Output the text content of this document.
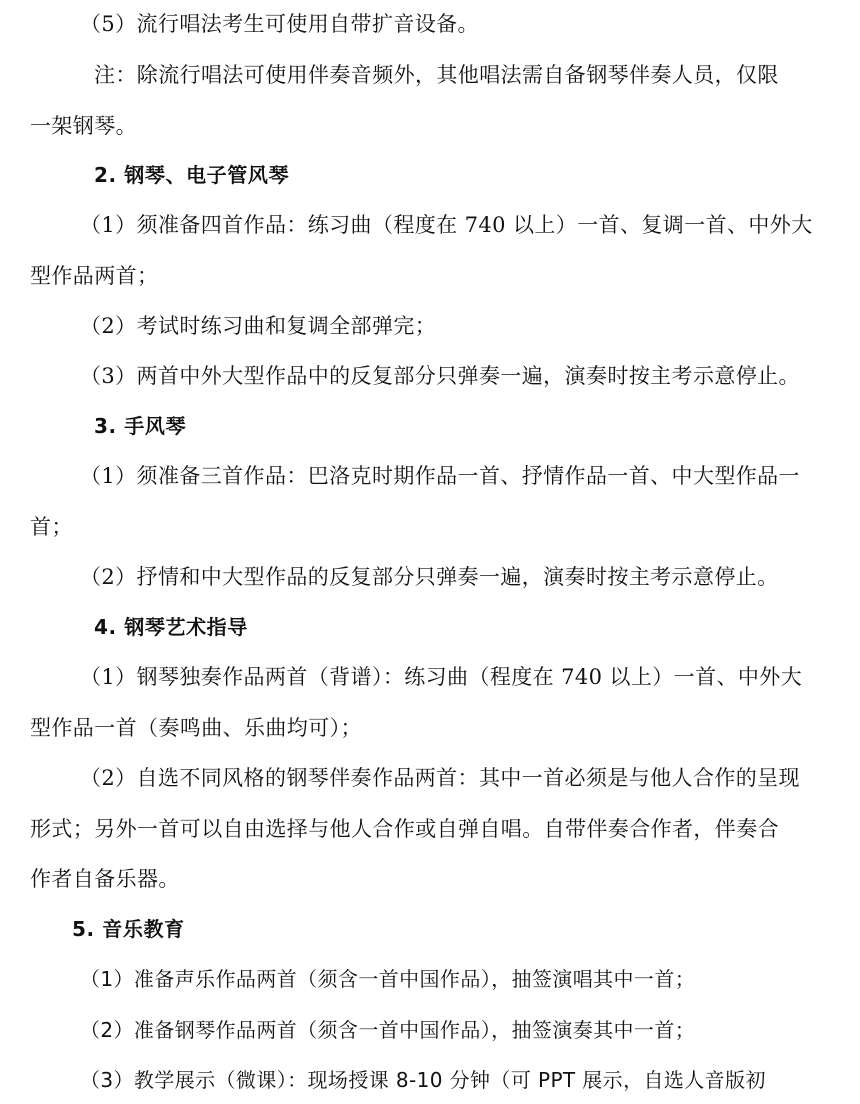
（5）流行唱法考生可使用自带扩音设备。
注：除流行唱法可使用伴奏音频外，其他唱法需自备钢琴伴奏人员，仅限
一架钢琴。
2. 钢琴、电子管风琴
（1）须准备四首作品：练习曲（程度在 740 以上）一首、复调一首、中外大
型作品两首；
（2）考试时练习曲和复调全部弹完；
（3）两首中外大型作品中的反复部分只弹奏一遍，演奏时按主考示意停止。
3. 手风琴
（1）须准备三首作品：巴洛克时期作品一首、抒情作品一首、中大型作品一
首；
（2）抒情和中大型作品的反复部分只弹奏一遍，演奏时按主考示意停止。
4. 钢琴艺术指导
（1）钢琴独奏作品两首（背谱）：练习曲（程度在 740 以上）一首、中外大
型作品一首（奏鸣曲、乐曲均可）；
（2）自选不同风格的钢琴伴奏作品两首：其中一首必须是与他人合作的呈现
形式；另外一首可以自由选择与他人合作或自弹自唱。自带伴奏合作者，伴奏合
作者自备乐器。
5. 音乐教育
（1）准备声乐作品两首（须含一首中国作品），抽签演唱其中一首；
（2）准备钢琴作品两首（须含一首中国作品），抽签演奏其中一首；
（3）教学展示（微课）：现场授课 8-10 分钟（可 PPT 展示，自选人音版初
